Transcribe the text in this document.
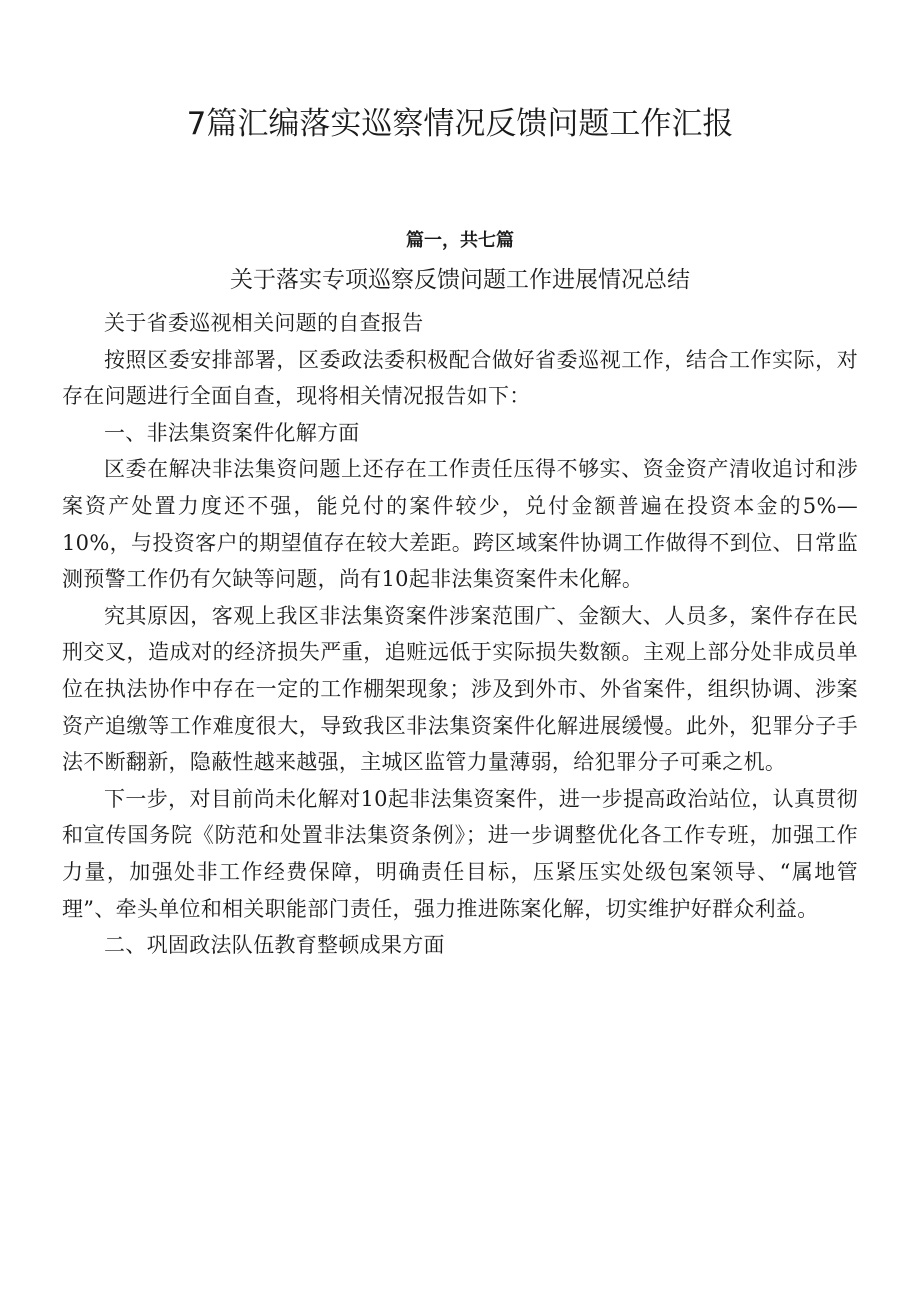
7篇汇编落实巡察情况反馈问题工作汇报
篇一，共七篇
关于落实专项巡察反馈问题工作进展情况总结

关于省委巡视相关问题的自查报告

按照区委安排部署，区委政法委积极配合做好省委巡视工作，结合工作实际，对存在问题进行全面自查，现将相关情况报告如下：

一、非法集资案件化解方面

区委在解决非法集资问题上还存在工作责任压得不够实、资金资产清收追讨和涉案资产处置力度还不强，能兑付的案件较少，兑付金额普遍在投资本金的5%—10%，与投资客户的期望值存在较大差距。跨区域案件协调工作做得不到位、日常监测预警工作仍有欠缺等问题，尚有10起非法集资案件未化解。

究其原因，客观上我区非法集资案件涉案范围广、金额大、人员多，案件存在民刑交叉，造成对的经济损失严重，追赃远低于实际损失数额。主观上部分处非成员单位在执法协作中存在一定的工作棚架现象；涉及到外市、外省案件，组织协调、涉案资产追缴等工作难度很大，导致我区非法集资案件化解进展缓慢。此外，犯罪分子手法不断翻新，隐蔽性越来越强，主城区监管力量薄弱，给犯罪分子可乘之机。

下一步，对目前尚未化解对10起非法集资案件，进一步提高政治站位，认真贯彻和宣传国务院《防范和处置非法集资条例》；进一步调整优化各工作专班，加强工作力量，加强处非工作经费保障，明确责任目标，压紧压实处级包案领导、“属地管理”、牵头单位和相关职能部门责任，强力推进陈案化解，切实维护好群众利益。

二、巩固政法队伍教育整顿成果方面
